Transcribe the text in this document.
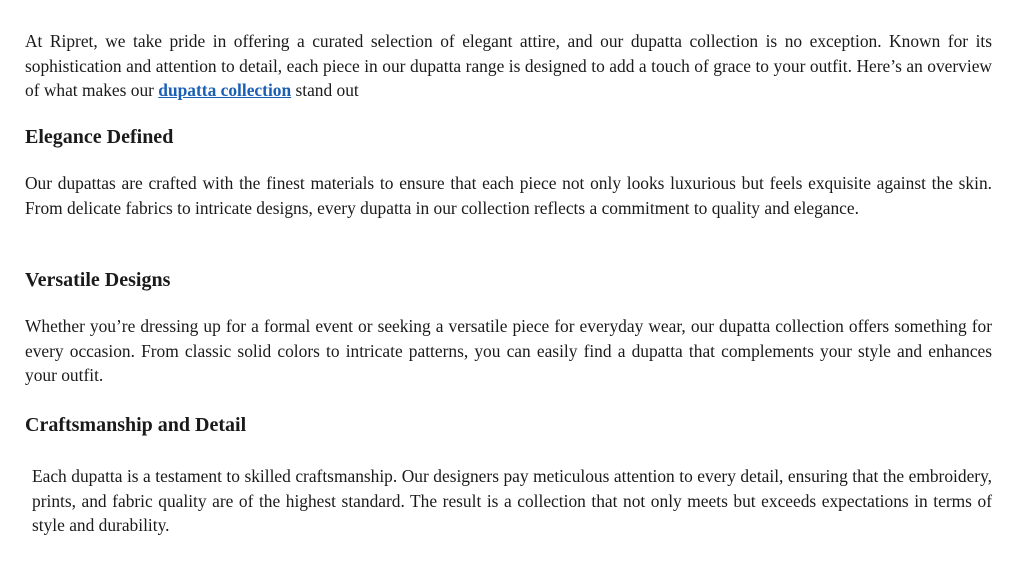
At Ripret, we take pride in offering a curated selection of elegant attire, and our dupatta collection is no exception. Known for its sophistication and attention to detail, each piece in our dupatta range is designed to add a touch of grace to your outfit. Here’s an overview of what makes our dupatta collection stand out

Elegance Defined

Our dupattas are crafted with the finest materials to ensure that each piece not only looks luxurious but feels exquisite against the skin. From delicate fabrics to intricate designs, every dupatta in our collection reflects a commitment to quality and elegance.

Versatile Designs

Whether you’re dressing up for a formal event or seeking a versatile piece for everyday wear, our dupatta collection offers something for every occasion. From classic solid colors to intricate patterns, you can easily find a dupatta that complements your style and enhances your outfit.

Craftsmanship and Detail

Each dupatta is a testament to skilled craftsmanship. Our designers pay meticulous attention to every detail, ensuring that the embroidery, prints, and fabric quality are of the highest standard. The result is a collection that not only meets but exceeds expectations in terms of style and durability.
